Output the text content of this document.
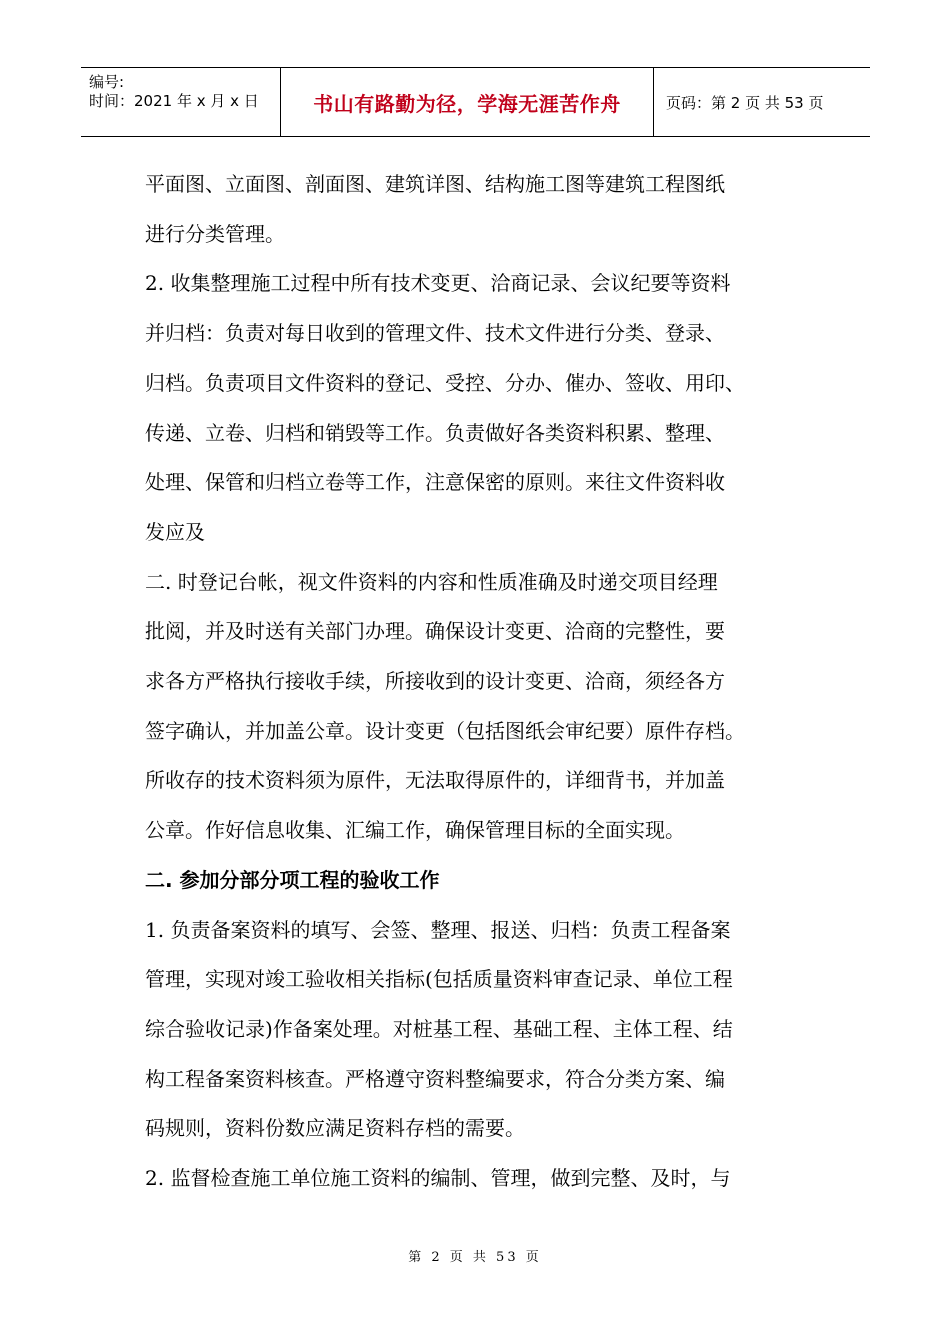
编号:
时间：2021 年 x 月 x 日	书山有路勤为径，学海无涯苦作舟	页码：第 2 页 共 53 页

平面图、立面图、剖面图、建筑详图、结构施工图等建筑工程图纸

进行分类管理。

2. 收集整理施工过程中所有技术变更、洽商记录、会议纪要等资料

并归档：负责对每日收到的管理文件、技术文件进行分类、登录、

归档。负责项目文件资料的登记、受控、分办、催办、签收、用印、

传递、立卷、归档和销毁等工作。负责做好各类资料积累、整理、

处理、保管和归档立卷等工作，注意保密的原则。来往文件资料收

发应及

二. 时登记台帐，视文件资料的内容和性质准确及时递交项目经理

批阅，并及时送有关部门办理。确保设计变更、洽商的完整性，要

求各方严格执行接收手续，所接收到的设计变更、洽商，须经各方

签字确认，并加盖公章。设计变更（包括图纸会审纪要）原件存档。

所收存的技术资料须为原件，无法取得原件的，详细背书，并加盖

公章。作好信息收集、汇编工作，确保管理目标的全面实现。

二. 参加分部分项工程的验收工作

1. 负责备案资料的填写、会签、整理、报送、归档：负责工程备案

管理，实现对竣工验收相关指标(包括质量资料审查记录、单位工程

综合验收记录)作备案处理。对桩基工程、基础工程、主体工程、结

构工程备案资料核查。严格遵守资料整编要求，符合分类方案、编

码规则，资料份数应满足资料存档的需要。

2. 监督检查施工单位施工资料的编制、管理，做到完整、及时，与

第 2 页 共 53 页
